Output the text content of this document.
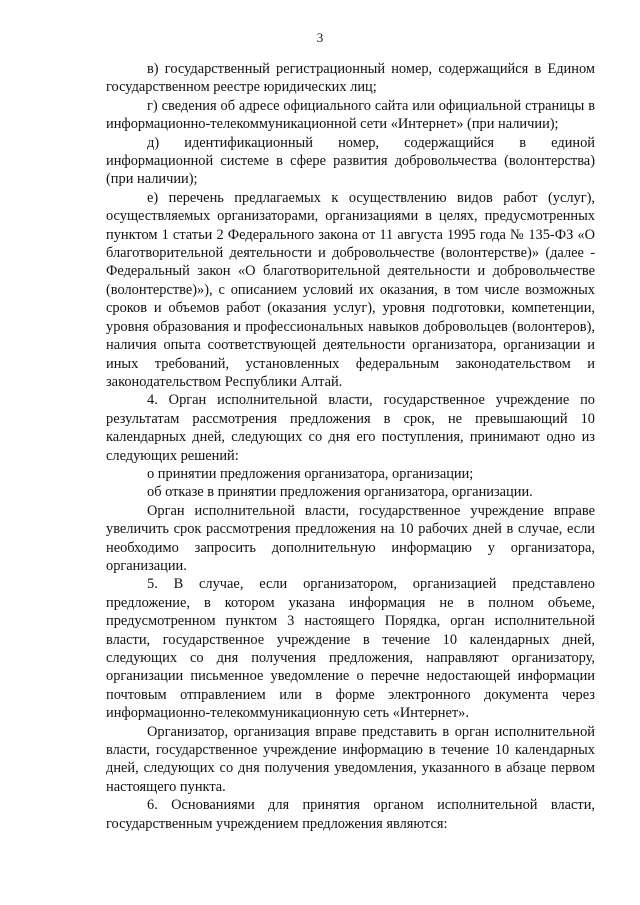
3

в) государственный регистрационный номер, содержащийся в Едином государственном реестре юридических лиц;

г) сведения об адресе официального сайта или официальной страницы в информационно-телекоммуникационной сети «Интернет» (при наличии);

д) идентификационный номер, содержащийся в единой информационной системе в сфере развития добровольчества (волонтерства) (при наличии);

е) перечень предлагаемых к осуществлению видов работ (услуг), осуществляемых организаторами, организациями в целях, предусмотренных пунктом 1 статьи 2 Федерального закона от 11 августа 1995 года № 135-ФЗ «О благотворительной деятельности и добровольчестве (волонтерстве)» (далее - Федеральный закон «О благотворительной деятельности и добровольчестве (волонтерстве)»), с описанием условий их оказания, в том числе возможных сроков и объемов работ (оказания услуг), уровня подготовки, компетенции, уровня образования и профессиональных навыков добровольцев (волонтеров), наличия опыта соответствующей деятельности организатора, организации и иных требований, установленных федеральным законодательством и законодательством Республики Алтай.

4. Орган исполнительной власти, государственное учреждение по результатам рассмотрения предложения в срок, не превышающий 10 календарных дней, следующих со дня его поступления, принимают одно из следующих решений:

о принятии предложения организатора, организации;

об отказе в принятии предложения организатора, организации.

Орган исполнительной власти, государственное учреждение вправе увеличить срок рассмотрения предложения на 10 рабочих дней в случае, если необходимо запросить дополнительную информацию у организатора, организации.

5. В случае, если организатором, организацией представлено предложение, в котором указана информация не в полном объеме, предусмотренном пунктом 3 настоящего Порядка, орган исполнительной власти, государственное учреждение в течение 10 календарных дней, следующих со дня получения предложения, направляют организатору, организации письменное уведомление о перечне недостающей информации почтовым отправлением или в форме электронного документа через информационно-телекоммуникационную сеть «Интернет».

Организатор, организация вправе представить в орган исполнительной власти, государственное учреждение информацию в течение 10 календарных дней, следующих со дня получения уведомления, указанного в абзаце первом настоящего пункта.

6. Основаниями для принятия органом исполнительной власти, государственным учреждением предложения являются:
